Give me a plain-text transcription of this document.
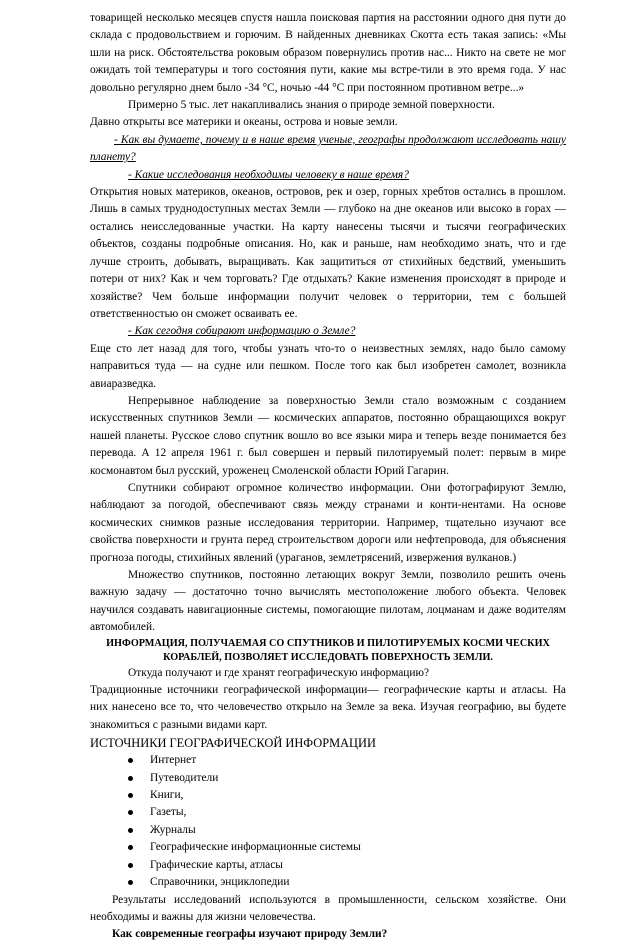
товарищей несколько месяцев спустя нашла поисковая партия на расстоянии одного дня пути до склада с продовольствием и горючим. В найденных дневниках Скотта есть такая запись: «Мы шли на риск. Обстоятельства роковым образом повернулись против нас... Никто на свете не мог ожидать той температуры и того состояния пути, какие мы встре-тили в это время года. У нас довольно регулярно днем было -34 °С, ночью -44 °С при постоянном противном ветре...»

Примерно 5 тыс. лет накапливались знания о природе земной поверхности.

Давно открыты все материки и океаны, острова и новые земли.

- Как вы думаете, почему и в наше время ученые, географы продолжают исследовать нашу планету?

- Какие исследования необходимы человеку в наше время?

Открытия новых материков, океанов, островов, рек и озер, горных хребтов остались в прошлом. Лишь в самых труднодоступных местах Земли — глубоко на дне океанов или высоко в горах — остались неисследованные участки. На карту нанесены тысячи и тысячи географических объектов, созданы подробные описания. Но, как и раньше, нам необходимо знать, что и где лучше строить, добывать, выращивать. Как защититься от стихийных бедствий, уменьшить потери от них? Как и чем торговать? Где отдыхать? Какие изменения происходят в природе и хозяйстве? Чем больше информации получит человек о территории, тем с большей ответственностью он сможет осваивать ее.

- Как сегодня собирают информацию о Земле?

Еще сто лет назад для того, чтобы узнать что-то о неизвестных землях, надо было самому направиться туда — на судне или пешком. После того как был изобретен самолет, возникла авиаразведка.

Непрерывное наблюдение за поверхностью Земли стало возможным с созданием искусственных спутников Земли — космических аппаратов, постоянно обращающихся вокруг нашей планеты. Русское слово спутник вошло во все языки мира и теперь везде понимается без перевода. А 12 апреля 1961 г. был совершен и первый пилотируемый полет: первым в мире космонавтом был русский, уроженец Смоленской области Юрий Гагарин.

Спутники собирают огромное количество информации. Они фотографируют Землю, наблюдают за погодой, обеспечивают связь между странами и конти-нентами. На основе космических снимков разные исследования территории. Например, тщательно изучают все свойства поверхности и грунта перед строительством дороги или нефтепровода, для объяснения прогноза погоды, стихийных явлений (ураганов, землетрясений, извержения вулканов.)

Множество спутников, постоянно летающих вокруг Земли, позволило решить очень важную задачу — достаточно точно вычислять местоположение любого объекта. Человек научился создавать навигационные системы, помогающие пилотам, лоцманам и даже водителям автомобилей.

ИНФОРМАЦИЯ, ПОЛУЧАЕМАЯ СО СПУТНИКОВ И ПИЛОТИРУЕМЫХ КОСМИ ЧЕСКИХ КОРАБЛЕЙ, ПОЗВОЛЯЕТ ИССЛЕДОВАТЬ ПОВЕРХНОСТЬ ЗЕМЛИ.

Откуда получают и где хранят географическую информацию?

Традиционные источники географической информации— географические карты и атласы. На них нанесено все то, что человечество открыло на Земле за века. Изучая географию, вы будете знакомиться с разными видами карт.

ИСТОЧНИКИ ГЕОГРАФИЧЕСКОЙ ИНФОРМАЦИИ

Интернет
Путеводители
Книги,
Газеты,
Журналы
Географические информационные системы
Графические карты, атласы
Справочники, энциклопедии

Результаты исследований используются в промышленности, сельском хозяйстве. Они необходимы и важны для жизни человечества.

Как современные географы изучают природу Земли?
